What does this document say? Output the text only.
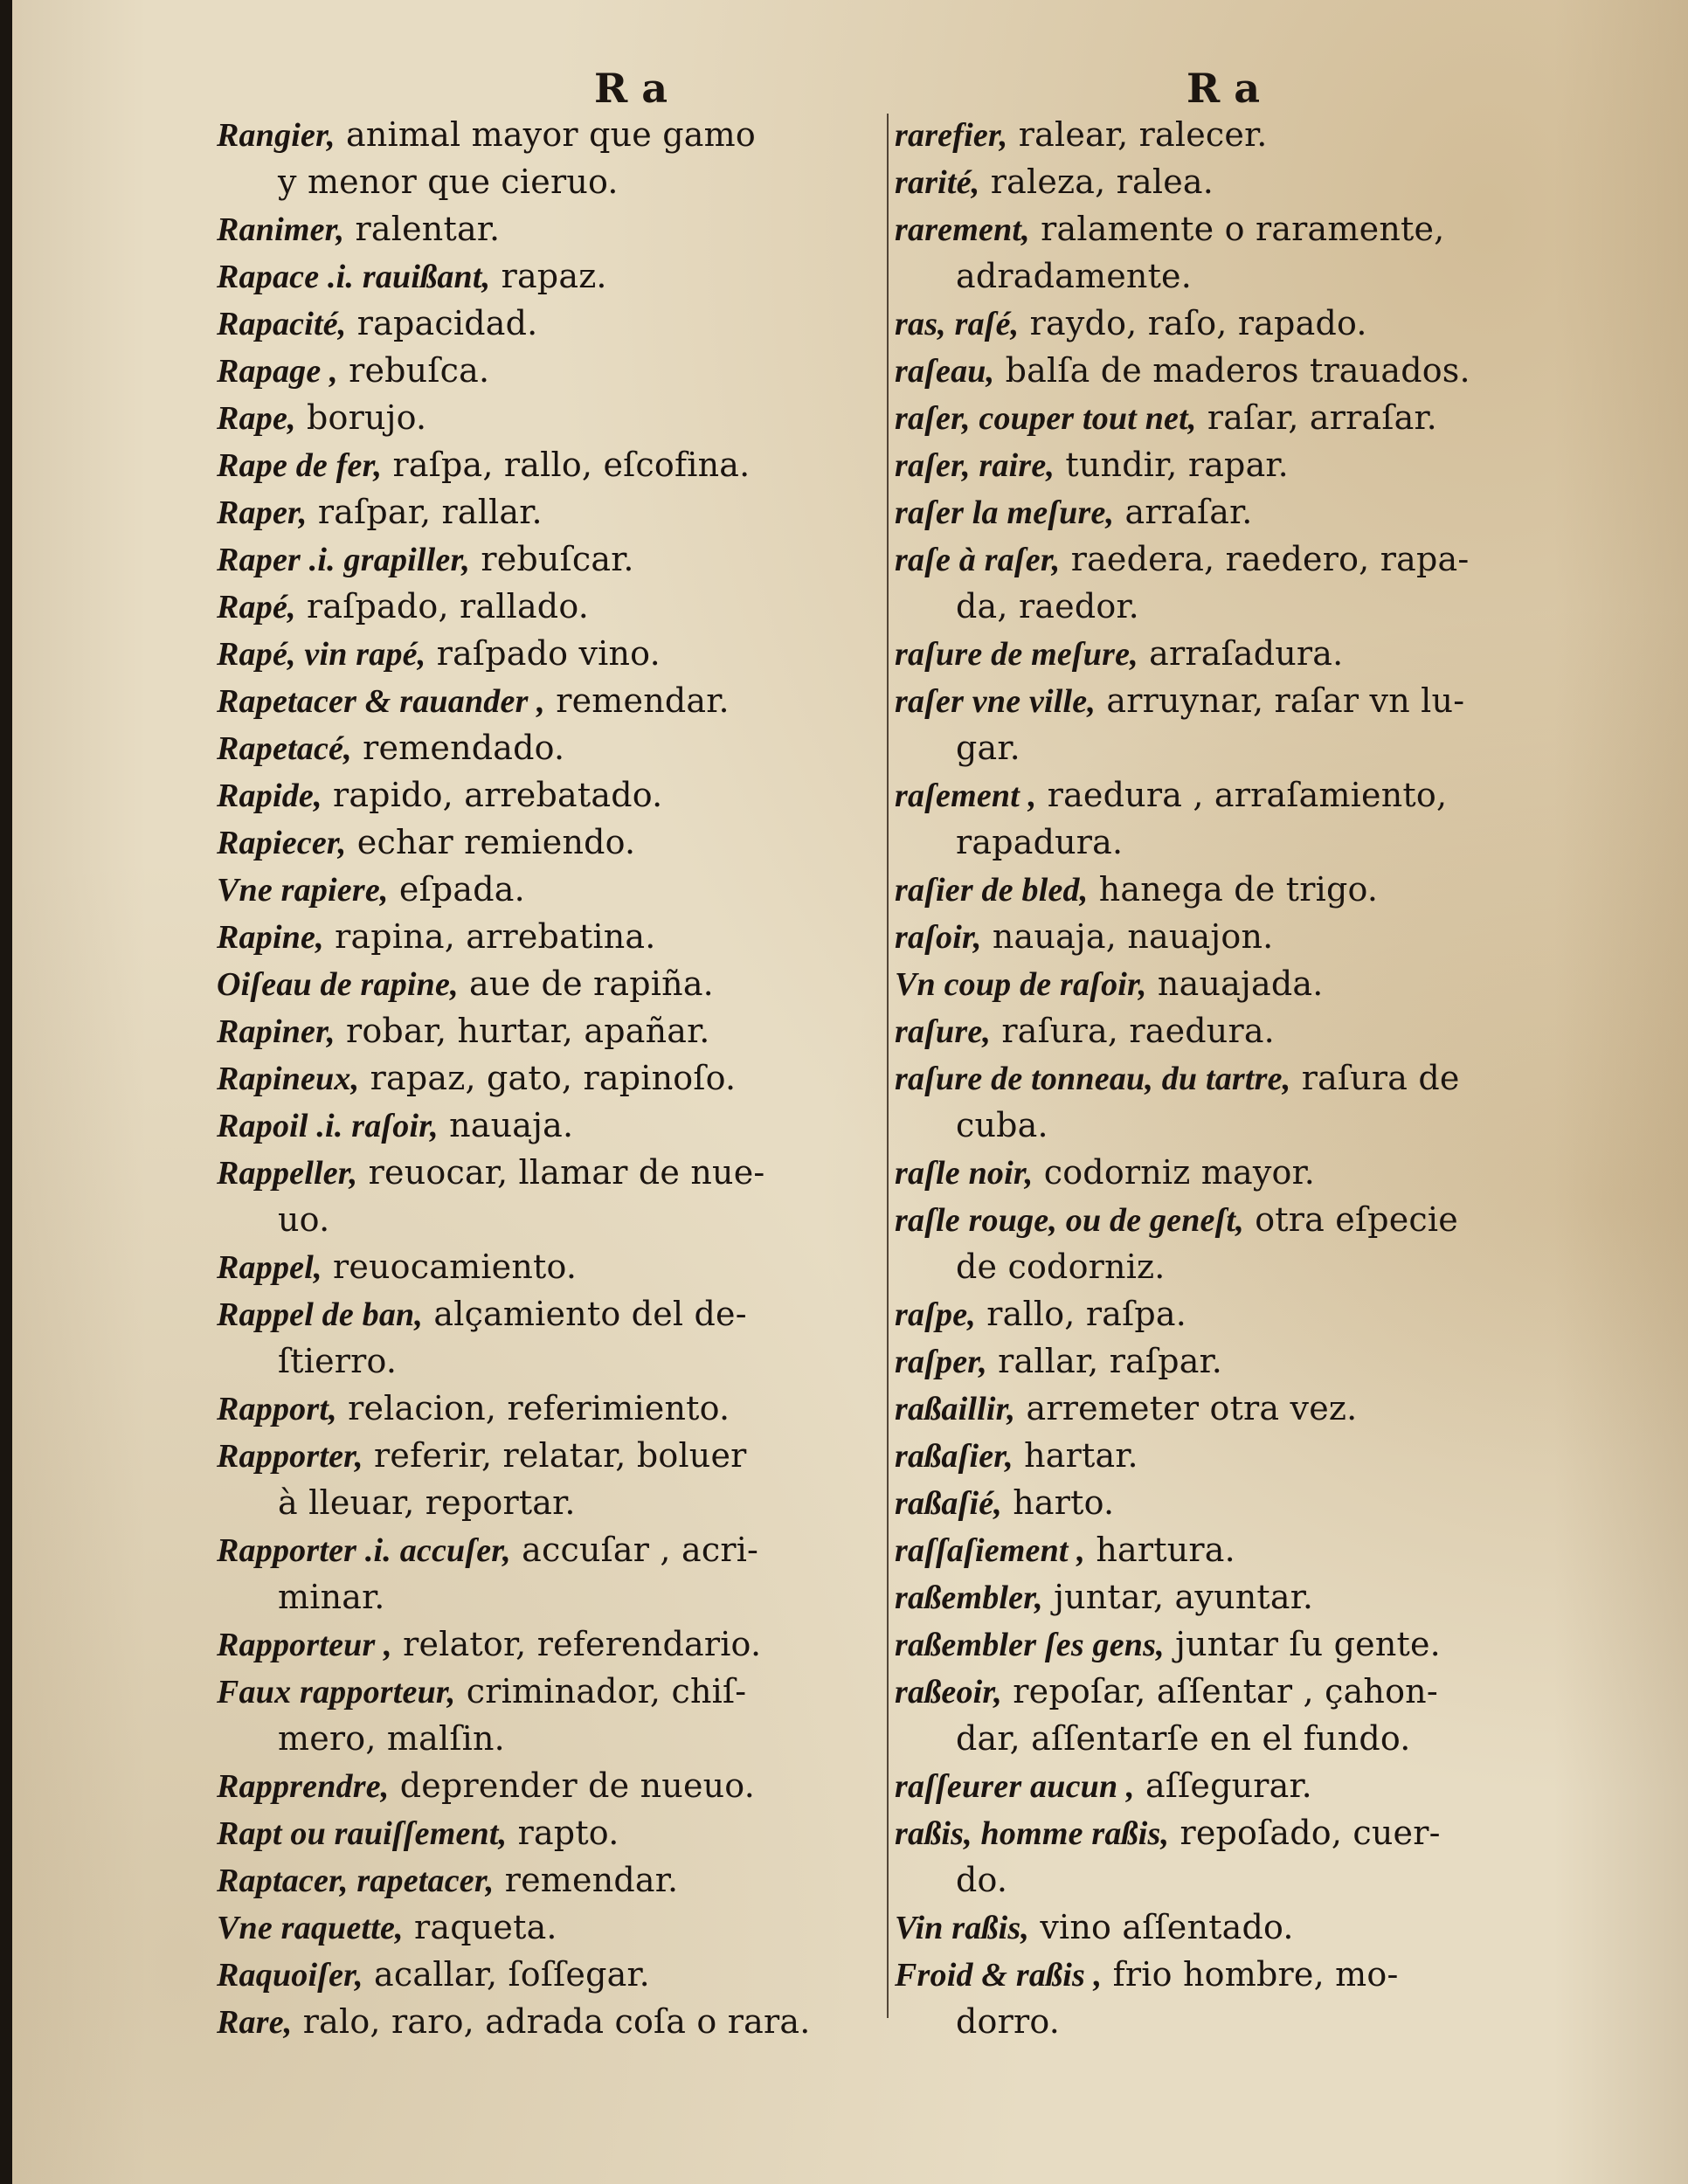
R a	R a

Rangier, animal mayor que gamo

y menor que cieruo.

Ranimer, ralentar.

Rapace .i. rauißant, rapaz.

Rapacité, rapacidad.

Rapage , rebuſca.

Rape, borujo.

Rape de fer, raſpa, rallo, eſcofina.

Raper, raſpar, rallar.

Raper .i. grapiller, rebuſcar.

Rapé, raſpado, rallado.

Rapé, vin rapé, raſpado vino.

Rapetacer & rauander , remendar.

Rapetacé, remendado.

Rapide, rapido, arrebatado.

Rapiecer, echar remiendo.

Vne rapiere, eſpada.

Rapine, rapina, arrebatina.

Oiſeau de rapine, aue de rapiña.

Rapiner, robar, hurtar, apañar.

Rapineux, rapaz, gato, rapinoſo.

Rapoil .i. raſoir, nauaja.

Rappeller, reuocar, llamar de nue-

uo.

Rappel, reuocamiento.

Rappel de ban, alçamiento del de-

ſtierro.

Rapport, relacion, referimiento.

Rapporter, referir, relatar, boluer

à lleuar, reportar.

Rapporter .i. accuſer, accuſar , acri-

minar.

Rapporteur , relator, referendario.

Faux rapporteur, criminador, chiſ-

mero, malſin.

Rapprendre, deprender de nueuo.

Rapt ou rauiſſement, rapto.

Raptacer, rapetacer, remendar.

Vne raquette, raqueta.

Raquoiſer, acallar, ſoſſegar.

Rare, ralo, raro, adrada coſa o rara.

rarefier, ralear, ralecer.

rarité, raleza, ralea.

rarement, ralamente o raramente,

adradamente.

ras, raſé, raydo, raſo, rapado.

raſeau, balſa de maderos trauados.

raſer, couper tout net, raſar, arraſar.

raſer, raire, tundir, rapar.

raſer la meſure, arraſar.

raſe à raſer, raedera, raedero, rapa-

da, raedor.

raſure de meſure, arraſadura.

raſer vne ville, arruynar, raſar vn lu-

gar.

raſement , raedura , arraſamiento,

rapadura.

raſier de bled, hanega de trigo.

raſoir, nauaja, nauajon.

Vn coup de raſoir, nauajada.

raſure, raſura, raedura.

raſure de tonneau, du tartre, raſura de

cuba.

raſle noir, codorniz mayor.

raſle rouge, ou de geneſt, otra eſpecie

de codorniz.

raſpe, rallo, raſpa.

raſper, rallar, raſpar.

raßaillir, arremeter otra vez.

raßaſier, hartar.

raßaſié, harto.

raſſaſiement , hartura.

raßembler, juntar, ayuntar.

raßembler ſes gens, juntar ſu gente.

raßeoir, repoſar, aſſentar , çahon-

dar, aſſentarſe en el fundo.

raſſeurer aucun , aſſegurar.

raßis, homme raßis, repoſado, cuer-

do.

Vin raßis, vino aſſentado.

Froid & raßis , frio hombre, mo-

dorro.
